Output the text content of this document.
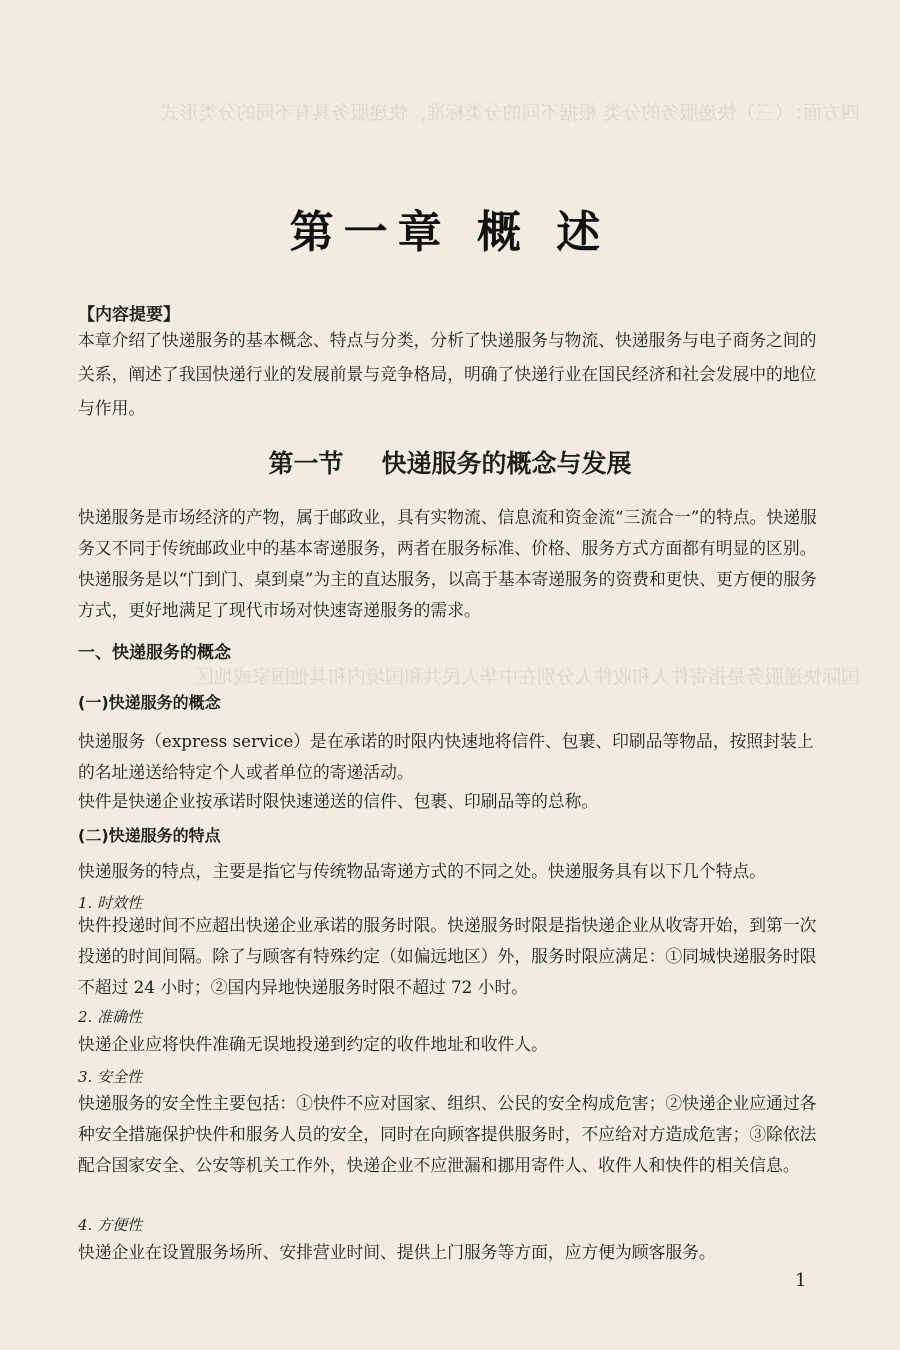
四方面：（三）快递服务的分类 根据不同的分类标准，快递服务具有不同的分类形式
国际快递服务是指寄件人和收件人分别在中华人民共和国境内和其他国家或地区
第一章 概 述
【内容提要】
本章介绍了快递服务的基本概念、特点与分类，分析了快递服务与物流、快递服务与电子商务之间的关系，阐述了我国快递行业的发展前景与竞争格局，明确了快递行业在国民经济和社会发展中的地位与作用。
第一节 快递服务的概念与发展
快递服务是市场经济的产物，属于邮政业，具有实物流、信息流和资金流“三流合一”的特点。快递服务又不同于传统邮政业中的基本寄递服务，两者在服务标准、价格、服务方式方面都有明显的区别。快递服务是以“门到门、桌到桌”为主的直达服务，以高于基本寄递服务的资费和更快、更方便的服务方式，更好地满足了现代市场对快速寄递服务的需求。
一、快递服务的概念
(一)快递服务的概念
快递服务（express service）是在承诺的时限内快速地将信件、包裹、印刷品等物品，按照封装上的名址递送给特定个人或者单位的寄递活动。
快件是快递企业按承诺时限快速递送的信件、包裹、印刷品等的总称。
(二)快递服务的特点
快递服务的特点，主要是指它与传统物品寄递方式的不同之处。快递服务具有以下几个特点。
1. 时效性
快件投递时间不应超出快递企业承诺的服务时限。快递服务时限是指快递企业从收寄开始，到第一次投递的时间间隔。除了与顾客有特殊约定（如偏远地区）外，服务时限应满足：①同城快递服务时限不超过 24 小时；②国内异地快递服务时限不超过 72 小时。
2. 准确性
快递企业应将快件准确无误地投递到约定的收件地址和收件人。
3. 安全性
快递服务的安全性主要包括：①快件不应对国家、组织、公民的安全构成危害；②快递企业应通过各种安全措施保护快件和服务人员的安全，同时在向顾客提供服务时，不应给对方造成危害；③除依法配合国家安全、公安等机关工作外，快递企业不应泄漏和挪用寄件人、收件人和快件的相关信息。
4. 方便性
快递企业在设置服务场所、安排营业时间、提供上门服务等方面，应方便为顾客服务。
1
